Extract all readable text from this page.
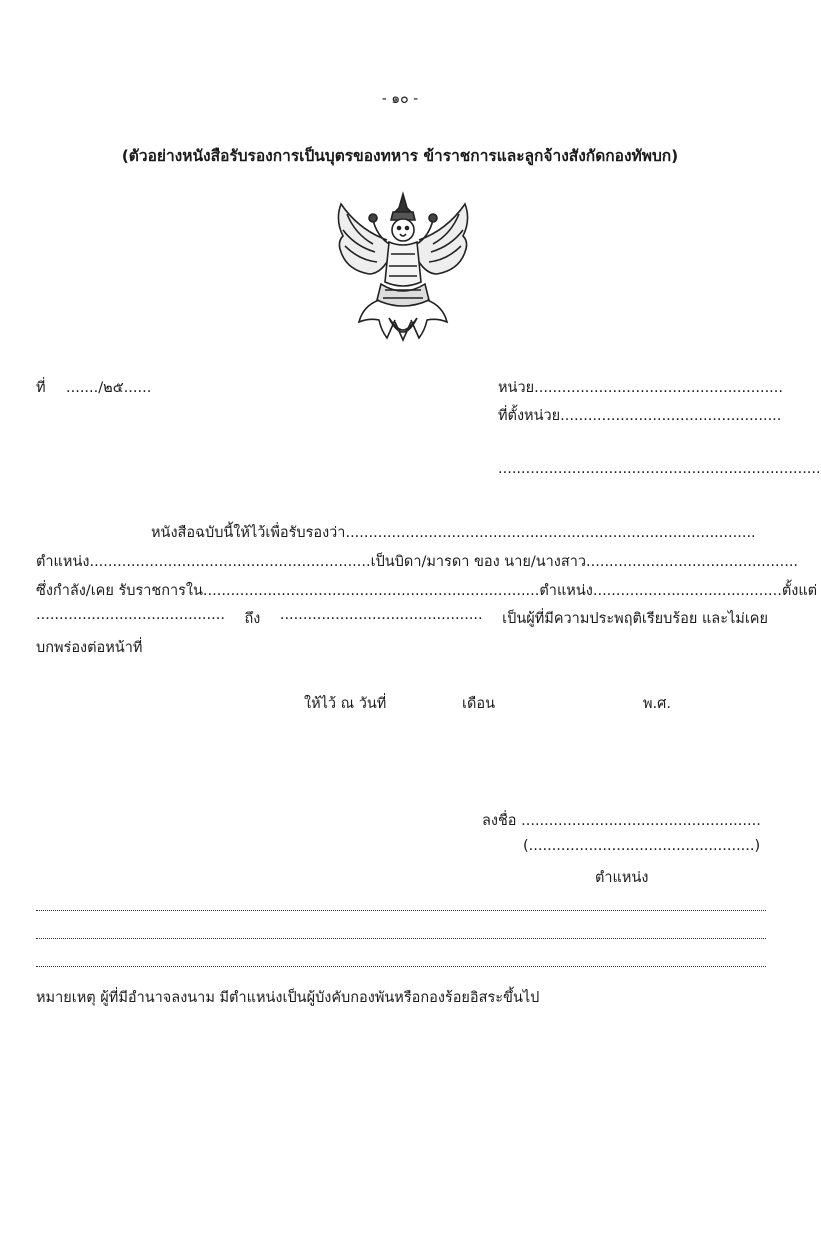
- ๑๐ -
(ตัวอย่างหนังสือรับรองการเป็นบุตรของทหาร ข้าราชการและลูกจ้างสังกัดกองทัพบก)
ที่ ......./๒๕......	หน่วย......................................................
ที่ตั้งหน่วย................................................
......................................................................
หนังสือฉบับนี้ให้ไว้เพื่อรับรองว่า.........................................................................................
ตำแหน่ง............................................................. เป็นบิดา/มารดา ของ นาย/นางสาว..............................................
ซึ่งกำลัง/เคย รับราชการใน......................................................................... ตำแหน่ง......................................... ตั้งแต่
......................................... ถึง ............................................ เป็นผู้ที่มีความประพฤติเรียบร้อย และไม่เคย
บกพร่องต่อหน้าที่
ให้ไว้ ณ วันที่	เดือน	พ.ศ.
ลงชื่อ ....................................................
(.................................................)
ตำแหน่ง
หมายเหตุ ผู้ที่มีอำนาจลงนาม มีตำแหน่งเป็นผู้บังคับกองพันหรือกองร้อยอิสระขึ้นไป
